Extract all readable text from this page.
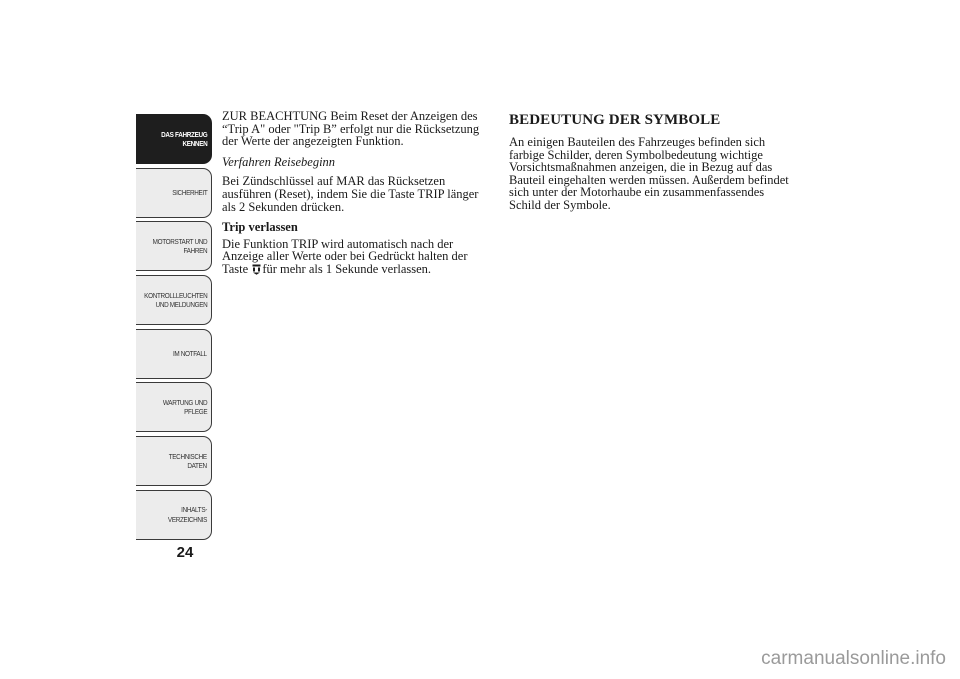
DAS FAHRZEUG
KENNEN
SICHERHEIT
MOTORSTART UND
FAHREN
KONTROLLLEUCHTEN
UND MELDUNGEN
IM NOTFALL
WARTUNG UND
PFLEGE
TECHNISCHE
DATEN
INHALTS-
VERZEICHNIS
24

ZUR BEACHTUNG Beim Reset der Anzeigen des “Trip A" oder "Trip B” erfolgt nur die Rücksetzung der Werte der angezeigten Funktion.

Verfahren Reisebeginn

Bei Zündschlüssel auf MAR das Rücksetzen ausführen (Reset), indem Sie die Taste TRIP länger als 2 Sekunden drücken.

Trip verlassen

Die Funktion TRIP wird automatisch nach der Anzeige aller Werte oder bei Gedrückt halten der Taste für mehr als 1 Sekunde verlassen.

BEDEUTUNG DER SYMBOLE

An einigen Bauteilen des Fahrzeuges befinden sich farbige Schilder, deren Symbolbedeutung wichtige Vorsichtsmaßnahmen anzeigen, die in Bezug auf das Bauteil eingehalten werden müssen. Außerdem befindet sich unter der Motorhaube ein zusammenfassendes Schild der Symbole.

carmanualsonline.info
